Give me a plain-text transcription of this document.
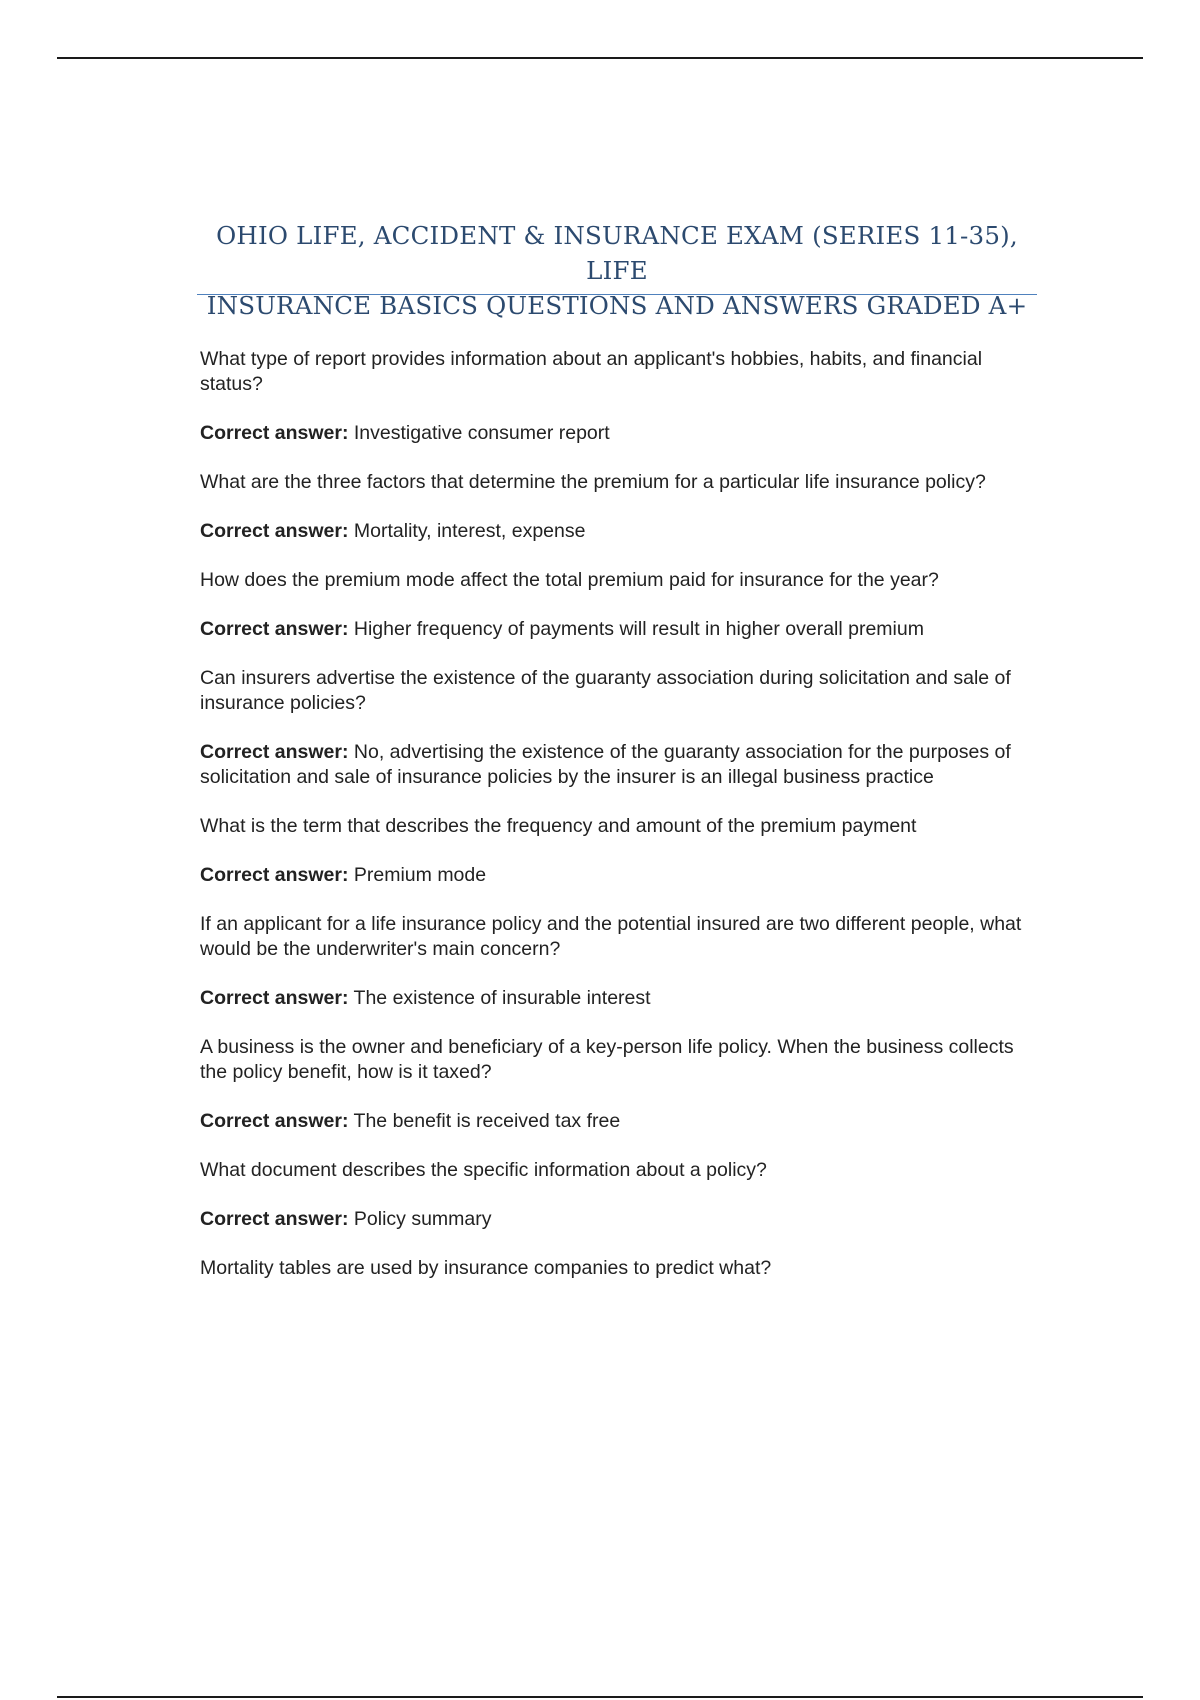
OHIO LIFE, ACCIDENT & INSURANCE EXAM (SERIES 11-35), LIFE
INSURANCE BASICS QUESTIONS AND ANSWERS GRADED A+

What type of report provides information about an applicant's hobbies, habits, and financial status?

Correct answer: Investigative consumer report

What are the three factors that determine the premium for a particular life insurance policy?

Correct answer: Mortality, interest, expense

How does the premium mode affect the total premium paid for insurance for the year?

Correct answer: Higher frequency of payments will result in higher overall premium

Can insurers advertise the existence of the guaranty association during solicitation and sale of insurance policies?

Correct answer: No, advertising the existence of the guaranty association for the purposes of solicitation and sale of insurance policies by the insurer is an illegal business practice

What is the term that describes the frequency and amount of the premium payment

Correct answer: Premium mode

If an applicant for a life insurance policy and the potential insured are two different people, what would be the underwriter's main concern?

Correct answer: The existence of insurable interest

A business is the owner and beneficiary of a key-person life policy. When the business collects the policy benefit, how is it taxed?

Correct answer: The benefit is received tax free

What document describes the specific information about a policy?

Correct answer: Policy summary

Mortality tables are used by insurance companies to predict what?
